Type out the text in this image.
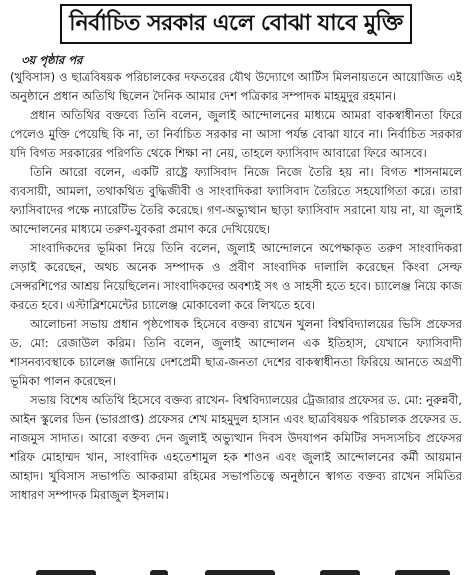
নির্বাচিত সরকার এলে বোঝা যাবে মুক্তি
৩য় পৃষ্ঠার পর

(খুবিসাস) ও ছাত্রবিষয়ক পরিচালকের দফতরের যৌথ উদ্যোগে আর্টিস মিলনায়তনে আয়োজিত এই অনুষ্ঠানে প্রধান অতিথি ছিলেন দৈনিক আমার দেশ পত্রিকার সম্পাদক মাহমুদুর রহমান।

প্রধান অতিথির বক্তব্যে তিনি বলেন, জুলাই আন্দোলনের মাধ্যমে আমরা বাকস্বাধীনতা ফিরে পেলেও মুক্তি পেয়েছি কি না, তা নির্বাচিত সরকার না আসা পর্যন্ত বোঝা যাবে না। নির্বাচিত সরকার যদি বিগত সরকারের পরিণতি থেকে শিক্ষা না নেয়, তাহলে ফ্যাসিবাদ আবারো ফিরে আসবে।

তিনি আরো বলেন, একটি রাষ্ট্রে ফ্যাসিবাদ নিজে নিজে তৈরি হয় না। বিগত শাসনামলে ব্যবসায়ী, আমলা, তথাকথিত বুদ্ধিজীবী ও সাংবাদিকরা ফ্যাসিবাদ তৈরিতে সহযোগিতা করে। তারা ফ্যাসিবাদের পক্ষে ন্যারেটিভ তৈরি করেছে। গণ-অভ্যুত্থান ছাড়া ফ্যাসিবাদ সরানো যায় না, যা জুলাই আন্দোলনের মাধ্যমে তরুণ-যুবকরা প্রমাণ করে দেখিয়েছে।

সাংবাদিকদের ভূমিকা নিয়ে তিনি বলেন, জুলাই আন্দোলনে অপেক্ষাকৃত তরুণ সাংবাদিকরা লড়াই করেছেন, অথচ অনেক সম্পাদক ও প্রবীণ সাংবাদিক দালালি করেছেন কিংবা সেল্ফ সেন্সরশিপের আশ্রয় নিয়েছিলেন। সাংবাদিকদের অবশ্যই সৎ ও সাহসী হতে হবে। চ্যালেঞ্জ নিয়ে কাজ করতে হবে। এস্টাব্লিশমেন্টের চ্যালেঞ্জ মোকাবেলা করে লিখতে হবে।

আলোচনা সভায় প্রধান পৃষ্ঠপোষক হিসেবে বক্তব্য রাখেন খুলনা বিশ্ববিদ্যালয়ের ভিসি প্রফেসর ড. মো: রেজাউল করিম। তিনি বলেন, জুলাই আন্দোলন এক ইতিহাস, যেখানে ফ্যাসিবাদী শাসনব্যবস্থাকে চ্যালেঞ্জ জানিয়ে দেশপ্রেমী ছাত্র-জনতা দেশের বাকস্বাধীনতা ফিরিয়ে আনতে অগ্রণী ভূমিকা পালন করেছেন।

সভায় বিশেষ অতিথি হিসেবে বক্তব্য রাখেন- বিশ্ববিদ্যালয়ের ট্রেজারার প্রফেসর ড. মো: নুরুন্নবী, আইন স্কুলের ডিন (ভারপ্রাপ্ত) প্রফেসর শেখ মাহমুদুল হাসান এবং ছাত্রবিষয়ক পরিচালক প্রফেসর ড. নাজমুস সাদাত। আরো বক্তব্য দেন জুলাই অভ্যুত্থান দিবস উদযাপন কমিটির সদস্যসচিব প্রফেসর শরিফ মোহাম্মদ খান, সাংবাদিক এহতেশামুল হক শাওন এবং জুলাই আন্দোলনের কর্মী আয়মান আহাদ। খুবিসাস সভাপতি আকরামা রহিমের সভাপতিত্বে অনুষ্ঠানে স্বাগত বক্তব্য রাখেন সমিতির সাধারণ সম্পাদক মিরাজুল ইসলাম।
